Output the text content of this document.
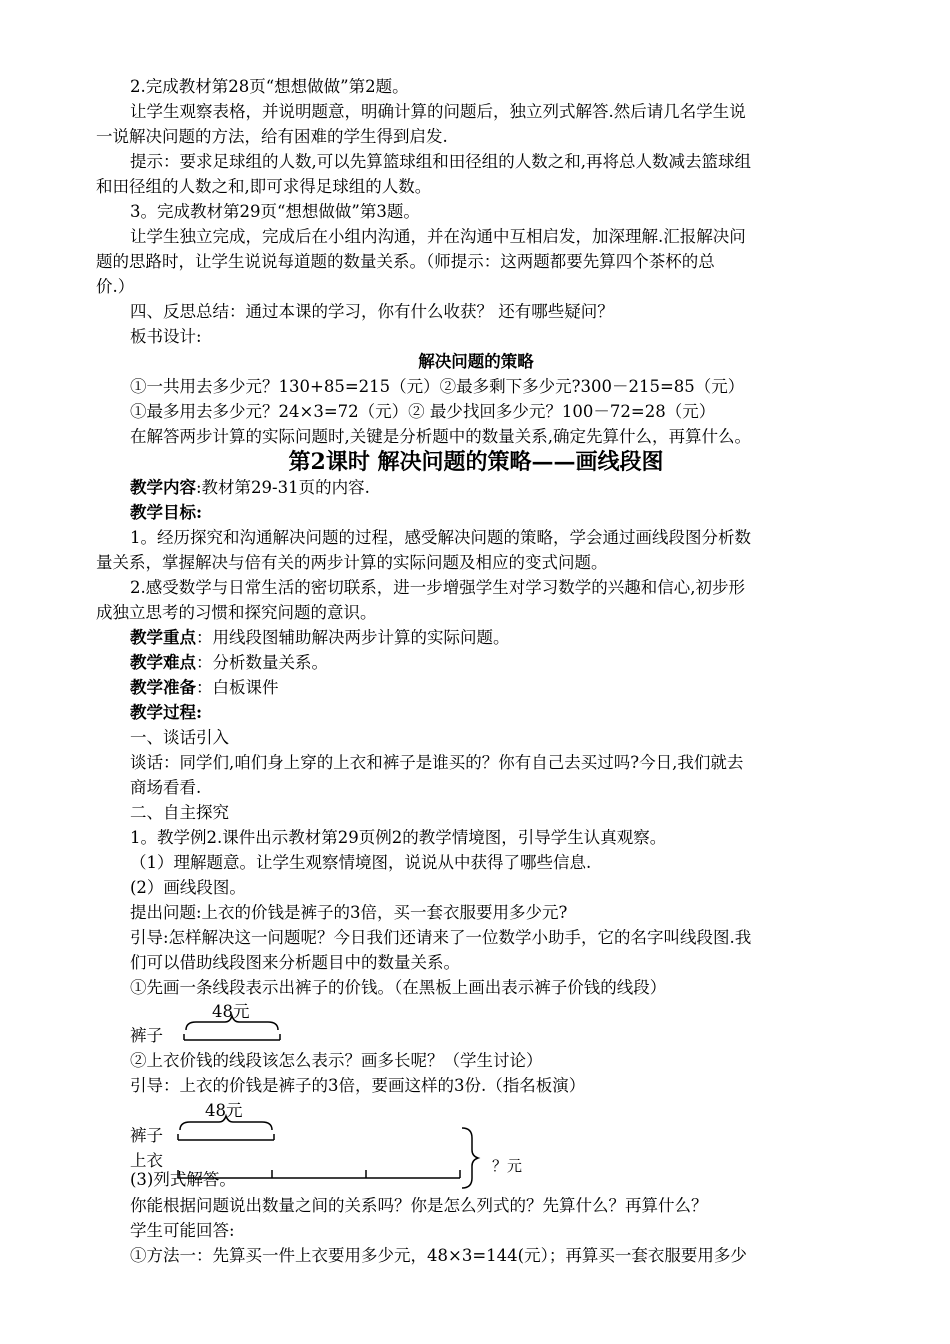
2.完成教材第28页“想想做做”第2题。
让学生观察表格，并说明题意，明确计算的问题后，独立列式解答.然后请几名学生说
一说解决问题的方法，给有困难的学生得到启发.
提示：要求足球组的人数,可以先算篮球组和田径组的人数之和,再将总人数减去篮球组
和田径组的人数之和,即可求得足球组的人数。
3。完成教材第29页“想想做做”第3题。
让学生独立完成，完成后在小组内沟通，并在沟通中互相启发，加深理解.汇报解决问
题的思路时，让学生说说每道题的数量关系。（师提示：这两题都要先算四个茶杯的总
价.）
四、反思总结：通过本课的学习，你有什么收获？ 还有哪些疑问？
板书设计:
解决问题的策略
①一共用去多少元？130+85=215（元）②最多剩下多少元?300－215=85（元）
①最多用去多少元？24×3=72（元）② 最少找回多少元？100－72=28（元）
在解答两步计算的实际问题时,关键是分析题中的数量关系,确定先算什么，再算什么。
第2课时 解决问题的策略——画线段图
教学内容:教材第29-31页的内容.
教学目标:
1。经历探究和沟通解决问题的过程，感受解决问题的策略，学会通过画线段图分析数
量关系，掌握解决与倍有关的两步计算的实际问题及相应的变式问题。
2.感受数学与日常生活的密切联系，进一步增强学生对学习数学的兴趣和信心,初步形
成独立思考的习惯和探究问题的意识。
教学重点：用线段图辅助解决两步计算的实际问题。
教学难点：分析数量关系。
教学准备：白板课件
教学过程:
一、谈话引入
谈话：同学们,咱们身上穿的上衣和裤子是谁买的？你有自己去买过吗?今日,我们就去
商场看看.
二、自主探究
1。教学例2.课件出示教材第29页例2的教学情境图，引导学生认真观察。
（1）理解题意。让学生观察情境图，说说从中获得了哪些信息.
(2）画线段图。
提出问题:上衣的价钱是裤子的3倍，买一套衣服要用多少元?
引导:怎样解决这一问题呢？今日我们还请来了一位数学小助手，它的名字叫线段图.我
们可以借助线段图来分析题目中的数量关系。
①先画一条线段表示出裤子的价钱。（在黑板上画出表示裤子价钱的线段）
48元
裤子
②上衣价钱的线段该怎么表示？画多长呢？（学生讨论）
引导：上衣的价钱是裤子的3倍，要画这样的3份.（指名板演）
48元
裤子
上衣	？元
(3)列式解答。
你能根据问题说出数量之间的关系吗？你是怎么列式的？先算什么？再算什么？
学生可能回答:
①方法一：先算买一件上衣要用多少元，48×3=144(元）；再算买一套衣服要用多少
